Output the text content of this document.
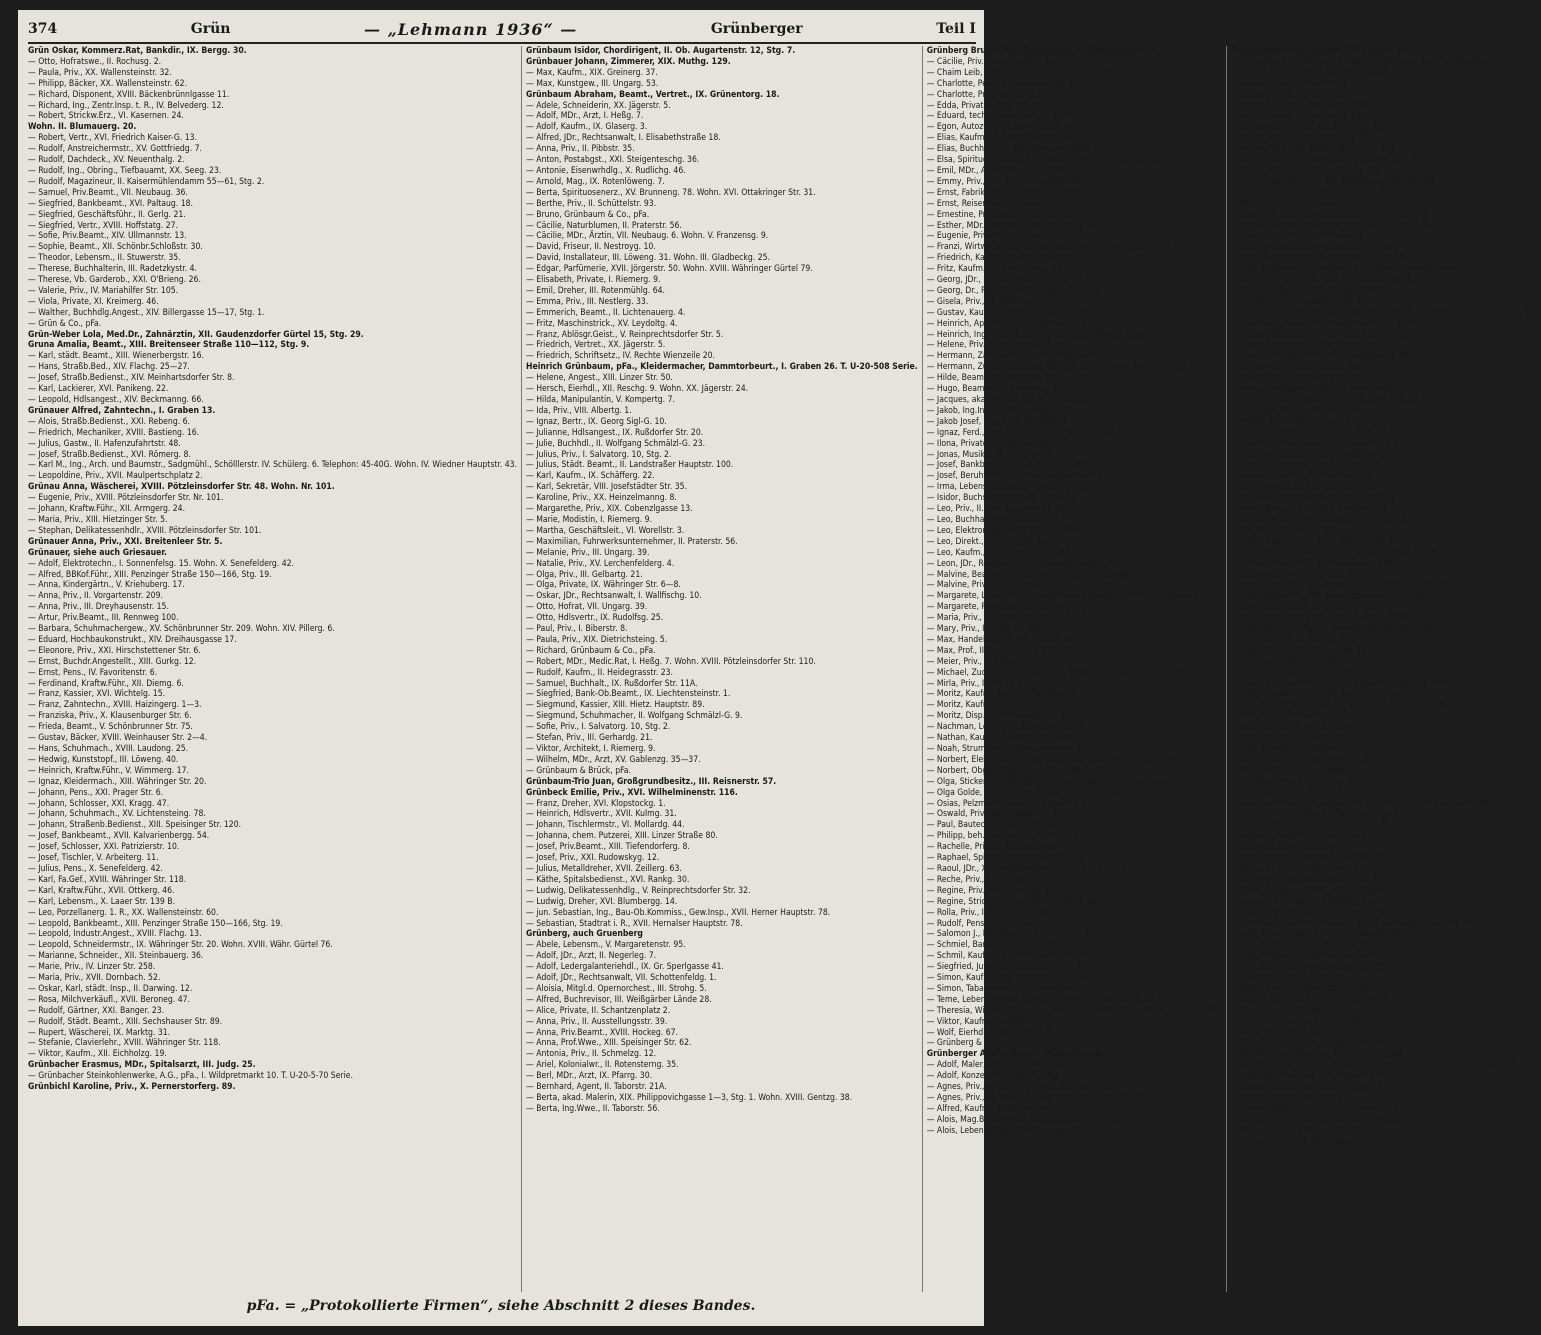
374	Grün	— „Lehmann 1936“ —	Grünberger	Teil I
Grün Oskar, Kommerz.Rat, Bankdir., IX. Bergg. 30.
— Otto, Hofratswe., II. Rochusg. 2.
— Paula, Priv., XX. Wallensteinstr. 32.
— Philipp, Bäcker, XX. Wallensteinstr. 62.
— Richard, Disponent, XVIII. Bäckenbrünnlgasse 11.
— Richard, Ing., Zentr.Insp. t. R., IV. Belvederg. 12.
— Robert, Strickw.Erz., VI. Kasernen. 24.
Wohn. II. Blumauerg. 20.
— Robert, Vertr., XVI. Friedrich Kaiser-G. 13.
— Rudolf, Anstreichermstr., XV. Gottfriedg. 7.
— Rudolf, Dachdeck., XV. Neuenthalg. 2.
— Rudolf, Ing., Obring., Tiefbauamt, XX. Seeg. 23.
— Rudolf, Magazineur, II. Kaisermühlendamm 55—61, Stg. 2.
— Samuel, Priv.Beamt., VII. Neubaug. 36.
— Siegfried, Bankbeamt., XVI. Paltaug. 18.
— Siegfried, Geschäftsführ., II. Gerlg. 21.
— Siegfried, Vertr., XVIII. Hoffstatg. 27.
— Sofie, Priv.Beamt., XIV. Ullmannstr. 13.
— Sophie, Beamt., XII. Schönbr.Schloßstr. 30.
— Theodor, Lebensm., II. Stuwerstr. 35.
— Therese, Buchhalterin, III. Radetzkystr. 4.
— Therese, Vb. Garderob., XXI. O'Brieng. 26.
— Valerie, Priv., IV. Mariahilfer Str. 105.
— Viola, Private, XI. Kreimerg. 46.
— Walther, Buchhdlg.Angest., XIV. Billergasse 15—17, Stg. 1.
— Grün & Co., pFa.
Grün-Weber Lola, Med.Dr., Zahnärztin, XII. Gaudenzdorfer Gürtel 15, Stg. 29.
Gruna Amalia, Beamt., XIII. Breitenseer Straße 110—112, Stg. 9.
— Karl, städt. Beamt., XIII. Wienerbergstr. 16.
— Hans, Straßb.Bed., XIV. Flachg. 25—27.
— Josef, Straßb.Bedienst., XIV. Meinhartsdorfer Str. 8.
— Karl, Lackierer, XVI. Panikeng. 22.
— Leopold, Hdlsangest., XIV. Beckmanng. 66.
Grünauer Alfred, Zahntechn., I. Graben 13.
— Alois, Straßb.Bedienst., XXI. Rebeng. 6.
— Friedrich, Mechaniker, XVIII. Bastieng. 16.
— Julius, Gastw., II. Hafenzufahrtstr. 48.
— Josef, Straßb.Bedienst., XVI. Römerg. 8.
— Karl M., Ing., Arch. und Baumstr., Sadgmühl., Schölllerstr. IV. Schülerg. 6. Telephon: 45-40G. Wohn. IV. Wiedner Hauptstr. 43.
— Leopoldine, Priv., XVII. Maulpertschplatz 2.
Grünau Anna, Wäscherei, XVIII. Pötzleinsdorfer Str. 48. Wohn. Nr. 101.
— Eugenie, Priv., XVIII. Pötzleinsdorfer Str. Nr. 101.
— Johann, Kraftw.Führ., XII. Armgerg. 24.
— Maria, Priv., XIII. Hietzinger Str. 5.
— Stephan, Delikatessenhdlr., XVIII. Pötzleinsdorfer Str. 101.
Grünauer Anna, Priv., XXI. Breitenleer Str. 5.
Grünauer, siehe auch Griesauer.
— Adolf, Elektrotechn., I. Sonnenfelsg. 15. Wohn. X. Senefelderg. 42.
— Alfred, BBKof.Führ., XIII. Penzinger Straße 150—166, Stg. 19.
— Anna, Kindergärtn., V. Kriehuberg. 17.
— Anna, Priv., II. Vorgartenstr. 209.
— Anna, Priv., III. Dreyhausenstr. 15.
— Artur, Priv.Beamt., III. Rennweg 100.
— Barbara, Schuhmachergew., XV. Schönbrunner Str. 209. Wohn. XIV. Pillerg. 6.
— Eduard, Hochbaukonstrukt., XIV. Dreihausgasse 17.
— Eleonore, Priv., XXI. Hirschstettener Str. 6.
— Ernst, Buchdr.Angestellt., XIII. Gurkg. 12.
— Ernst, Pens., IV. Favoritenstr. 6.
— Ferdinand, Kraftw.Führ., XII. Diemg. 6.
— Franz, Kassier, XVI. Wichtelg. 15.
— Franz, Zahntechn., XVIII. Haizingerg. 1—3.
— Franziska, Priv., X. Klausenburger Str. 6.
— Frieda, Beamt., V. Schönbrunner Str. 75.
— Gustav, Bäcker, XVIII. Weinhauser Str. 2—4.
— Hans, Schuhmach., XVIII. Laudong. 25.
— Hedwig, Kunststopf., III. Löweng. 40.
— Heinrich, Kraftw.Führ., V. Wimmerg. 17.
— Ignaz, Kleidermach., XIII. Währinger Str. 20.
— Johann, Pens., XXI. Prager Str. 6.
— Johann, Schlosser, XXI. Kragg. 47.
— Johann, Schuhmach., XV. Lichtensteing. 78.
— Johann, Straßenb.Bedienst., XIII. Speisinger Str. 120.
— Josef, Bankbeamt., XVII. Kalvarienbergg. 54.
— Josef, Schlosser, XXI. Patrizierstr. 10.
— Josef, Tischler, V. Arbeiterg. 11.
— Julius, Pens., X. Senefelderg. 42.
— Karl, Fa.Gef., XVIII. Währinger Str. 118.
— Karl, Kraftw.Führ., XVII. Ottkerg. 46.
— Karl, Lebensm., X. Laaer Str. 139 B.
— Leo, Porzellanerg. 1. R., XX. Wallensteinstr. 60.
— Leopold, Bankbeamt., XIII. Penzinger Straße 150—166, Stg. 19.
— Leopold, Industr.Angest., XVIII. Flachg. 13.
— Leopold, Schneidermstr., IX. Währinger Str. 20. Wohn. XVIII. Währ. Gürtel 76.
— Marianne, Schneider., XII. Steinbauerg. 36.
— Marie, Priv., IV. Linzer Str. 258.
— Maria, Priv., XVII. Dornbach. 52.
— Oskar, Karl, städt. Insp., II. Darwing. 12.
— Rosa, Milchverkäufl., XVII. Beroneg. 47.
— Rudolf, Gärtner, XXI. Banger. 23.
— Rudolf, Städt. Beamt., XIII. Sechshauser Str. 89.
— Rupert, Wäscherei, IX. Marktg. 31.
— Stefanie, Clavierlehr., XVIII. Währinger Str. 118.
— Viktor, Kaufm., XII. Eichholzg. 19.
Grünbacher Erasmus, MDr., Spitalsarzt, III. Judg. 25.
— Grünbacher Steinkohlenwerke, A.G., pFa., I. Wildpretmarkt 10. T. U-20-5-70 Serie.
Grünbichl Karoline, Priv., X. Pernerstorferg. 89.
Grünbaum Isidor, Chordirigent, II. Ob. Augartenstr. 12, Stg. 7.
Grünbauer Johann, Zimmerer, XIX. Muthg. 129.
— Max, Kaufm., XIX. Greinerg. 37.
— Max, Kunstgew., III. Ungarg. 53.
Grünbaum Abraham, Beamt., Vertret., IX. Grünentorg. 18.
— Adele, Schneiderin, XX. Jägerstr. 5.
— Adolf, MDr., Arzt, I. Heßg. 7.
— Adolf, Kaufm., IX. Glaserg. 3.
— Alfred, JDr., Rechtsanwalt, I. Elisabethstraße 18.
— Anna, Priv., II. Pibbstr. 35.
— Anton, Postabgst., XXI. Steigenteschg. 36.
— Antonie, Eisenwrhdlg., X. Rudlichg. 46.
— Arnold, Mag., IX. Rotenlöweng. 7.
— Berta, Spirituosenerz., XV. Brunneng. 78. Wohn. XVI. Ottakringer Str. 31.
— Berthe, Priv., II. Schüttelstr. 93.
— Bruno, Grünbaum & Co., pFa.
— Cäcilie, Naturblumen, II. Praterstr. 56.
— Cäcilie, MDr., Ärztin, VII. Neubaug. 6. Wohn. V. Franzensg. 9.
— David, Friseur, II. Nestroyg. 10.
— David, Installateur, III. Löweng. 31. Wohn. III. Gladbeckg. 25.
— Edgar, Parfümerie, XVII. Jörgerstr. 50. Wohn. XVIII. Währinger Gürtel 79.
— Elisabeth, Private, I. Riemerg. 9.
— Emil, Dreher, III. Rotenmühlg. 64.
— Emma, Priv., III. Nestlerg. 33.
— Emmerich, Beamt., II. Lichtenauerg. 4.
— Fritz, Maschinstrick., XV. Leydoltg. 4.
— Franz, Ablösgr.Geist., V. Reinprechtsdorfer Str. 5.
— Friedrich, Vertret., XX. Jägerstr. 5.
— Friedrich, Schriftsetz., IV. Rechte Wienzeile 20.
Heinrich Grünbaum, pFa., Kleidermacher, Dammtorbeurt., I. Graben 26. T. U-20-508 Serie.
— Helene, Angest., XIII. Linzer Str. 50.
— Hersch, Eierhdl., XII. Reschg. 9. Wohn. XX. Jägerstr. 24.
— Hilda, Manipulantin, V. Kompertg. 7.
— Ida, Priv., VIII. Albertg. 1.
— Ignaz, Bertr., IX. Georg Sigl-G. 10.
— Julianne, Hdlsangest., IX. Rußdorfer Str. 20.
— Julie, Buchhdl., II. Wolfgang Schmälzl-G. 23.
— Julius, Priv., I. Salvatorg. 10, Stg. 2.
— Julius, Städt. Beamt., II. Landstraßer Hauptstr. 100.
— Karl, Kaufm., IX. Schäfferg. 22.
— Karl, Sekretär, VIII. Josefstädter Str. 35.
— Karoline, Priv., XX. Heinzelmanng. 8.
— Margarethe, Priv., XIX. Cobenzlgasse 13.
— Marie, Modistin, I. Riemerg. 9.
— Martha, Geschäftsleit., VI. Worellstr. 3.
— Maximilian, Fuhrwerksunternehmer, II. Praterstr. 56.
— Melanie, Priv., III. Ungarg. 39.
— Natalie, Priv., XV. Lerchenfelderg. 4.
— Olga, Priv., III. Gelbartg. 21.
— Olga, Private, IX. Währinger Str. 6—8.
— Oskar, JDr., Rechtsanwalt, I. Wallfischg. 10.
— Otto, Hofrat, VII. Ungarg. 39.
— Otto, Hdlsvertr., IX. Rudolfsg. 25.
— Paul, Priv., I. Biberstr. 8.
— Paula, Priv., XIX. Dietrichsteing. 5.
— Richard, Grünbaum & Co., pFa.
— Robert, MDr., Medic.Rat, I. Heßg. 7. Wohn. XVIII. Pötzleinsdorfer Str. 110.
— Rudolf, Kaufm., II. Heidegrasstr. 23.
— Samuel, Buchhalt., IX. Rußdorfer Str. 11A.
— Siegfried, Bank-Ob.Beamt., IX. Liechtensteinstr. 1.
— Siegmund, Kassier, XIII. Hietz. Hauptstr. 89.
— Siegmund, Schuhmacher, II. Wolfgang Schmälzl-G. 9.
— Sofie, Priv., I. Salvatorg. 10, Stg. 2.
— Stefan, Priv., III. Gerhardg. 21.
— Viktor, Architekt, I. Riemerg. 9.
— Wilhelm, MDr., Arzt, XV. Gablenzg. 35—37.
— Grünbaum & Brück, pFa.
Grünbaum-Trio Juan, Großgrundbesitz., III. Reisnerstr. 57.
Grünbeck Emilie, Priv., XVI. Wilhelminenstr. 116.
— Franz, Dreher, XVI. Klopstockg. 1.
— Heinrich, Hdlsvertr., XVII. Kulmg. 31.
— Johann, Tischlermstr., VI. Mollardg. 44.
— Johanna, chem. Putzerei, XIII. Linzer Straße 80.
— Josef, Priv.Beamt., XIII. Tiefendorferg. 8.
— Josef, Priv., XXI. Rudowskyg. 12.
— Julius, Metalldreher, XVII. Zeillerg. 63.
— Käthe, Spitalsbedienst., XVI. Rankg. 30.
— Ludwig, Delikatessenhdlg., V. Reinprechtsdorfer Str. 32.
— Ludwig, Dreher, XVI. Blumbergg. 14.
— jun. Sebastian, Ing., Bau-Ob.Kommiss., Gew.Insp., XVII. Herner Hauptstr. 78.
— Sebastian, Stadtrat i. R., XVII. Hernalser Hauptstr. 78.
Grünberg, auch Gruenberg
— Abele, Lebensm., V. Margaretenstr. 95.
— Adolf, JDr., Arzt, II. Negerleg. 7.
— Adolf, Ledergalanteriehdl., IX. Gr. Sperlgasse 41.
— Adolf, JDr., Rechtsanwalt, VII. Schottenfeldg. 1.
— Aloisia, Mitgl.d. Opernorchest., III. Strohg. 5.
— Alfred, Buchrevisor, III. Weißgärber Lände 28.
— Alice, Private, II. Schantzenplatz 2.
— Anna, Priv., II. Ausstellungsstr. 39.
— Anna, Priv.Beamt., XVIII. Hockeg. 67.
— Anna, Prof.Wwe., XIII. Speisinger Str. 62.
— Antonia, Priv., II. Schmelzg. 12.
— Ariel, Kolonialwr., II. Rotensterng. 35.
— Berl, MDr., Arzt, IX. Pfarrg. 30.
— Bernhard, Agent, II. Taborstr. 21A.
— Berta, akad. Malerin, XIX. Philippovichgasse 1—3, Stg. 1. Wohn. XVIII. Gentzg. 38.
— Berta, Ing.Wwe., II. Taborstr. 56.
Grünberg Bruno, JDr., Rechtsanw., I. Rotenturmstr. 1.
— Cäcilie, Priv., IV. Heumühlg. 14.
— Chaim Leib, Kaffeemach., II. Schönlaterng. 3.
— Charlotte, Pens., II. Siebensterng. 29.
— Charlotte, Priv., V. Diehlg. 21.
— Edda, Private, XVIII. Schulg. 32.
— Eduard, techn. Bedarfsart., II. Pfarrg. 7.
— Egon, Autozubehör, III. Kleinerg. 4.
— Elias, Kaufm., X. Raaberbahng. 14.
— Elias, Buchhdl., XX. Brigittenauer Lände 16.
— Elsa, Spirituosenhdlg., I. Schulterg. 6. Wohn. III. Keinerg. 4.
— Emil, MDr., Arzt, II. Taborstr. 76A.
— Emmy, Priv., XIX. Grinzinger Allee 38.
— Ernst, Fabriksdir., XVIII. Edelhofg. 36.
— Ernst, Reisender, II. Praterstr. 48.
— Ernestine, Private, XVI. Hasnerstr. 32.
— Esther, MDr., Zahnärztin, VII. Lindeng. 3.
— Eugenie, Private, II. Fugbachg. 6.
— Franzi, Wirtwr., VI. Getreidemarkt 15. Wohn. IV. Franzensg. 9.
— Friedrich, Kaufm., XI. Wiesingerstr. 1.
— Fritz, Kaufm., IV. Blechturmg. 18.
— Georg, JDr., Ldgr.Rat, XVIII. Genzg. 38.
— Georg, Dr., Redakt., II. Schlöllerhofg. 7—9.
— Gisela, Priv., IX. Glaserg. 7.
— Gustav, Kaufm., II. Ausstellungsstr. 48.
— Heinrich, Apothek., V. Margaretenstr. 75.
— Heinrich, Ing., Beamt., III. Cumberlandstraße 52, Stg. 9.
— Helene, Priv., I. Gonzagag. 11.
— Hermann, Zahntechn., II. Unt. Augartenstr. 5.
— Hermann, Zuckerbäcker, IX. Rögerg. 18. Wohn. IX. Rußdorfer Str. 77.
— Hilde, Beamt., II. Gr. Pfarrg. 17.
— Hugo, Beamter, V. Franzensg. 9.
— Jacques, akad. Maler, XIX. Huttmanng. 102.
— Jakob, Ing.Insp., II. Sterneckplatz 13.
— Jakob Josef, Ing., Priv., IX. Glaserg. 9.
— Ignaz, Ferd., Arzt, Chefadmin., II. Schwarzeng. 6.
— Ilona, Private, II. Rembrandtstr. 33.
— Jonas, Musiker, II. Schreig. 12.
— Josef, Bankbeamt., XII. Rueffsteing. 46.
— Josef, Beruhftlehr., II. Untere Augartenstr. 5.
— Irma, Lebensmittelhdlg., II. Hörneg. 23.
— Isidor, Buchsachverst., IX. Hörlg. 11.
— Leo, Priv., II. Unt. Augartenstr. 25.
— Leo, Buchhalter, IX. Alserstr. 12.
— Leo, Elektromaterial, II. Taborstr. 76A.
— Leo, Direkt., I. Gonzagag. 11.
— Leo, Kaufm., XVIII. Karl Beck-G. 41.
— Leon, JDr., Rechtsanw., I. Schwarzenbergstr. 8.
— Malvine, Beamt., XVI. Neulerchenfelder Straße 69.
— Malvine, Priv., VI. Köstlerg. 1.
— Margarete, Lebensm., V. Siebenbrunnengasse 42. Wohn. II. Molkereistr. 3.
— Margarete, Priv., XIX. Pfarrwieseng. 11.
— Maria, Priv., XII. Unt.Meidl.Hauptstr. 72.
— Mary, Priv., II. Taborstr. 76A, Stg. 2.
— Max, Handelsagent, XX. Denisg. 9.
— Max, Prof., II. Schöllerhofg. 10—12.
— Meier, Priv., II. Karmeliterg. 7.
— Michael, Zuckerbäck., IX. Rögerg. 18. Wohn. IX. Grünentorg. 19.
— Mirla, Priv., II. Haidg. 1.
— Moritz, Kaufm., XVIII. Hoffstattg. 23.
— Moritz, Kaufm., II. Glockeng. 1.
— Moritz, Disp., IX. Währinger Str. 25.
— Nachman, Lebensm., XII. Am Werd 11.
— Nathan, Kaufm., II. Gabelsbergerg. 3.
— Noah, Strumpfwr., V. Margaretenstr. 82.
— Norbert, Elektromaterialgroßhdlg., XIX. Gregor Mendel-Str. 44.
— Norbert, Obgemälde, II. Schöllerhofg. 7—9.
— Olga, Stickerei, IV. Margaretenstr. 47. Wohn. IV. Gr. Neug. 44.
— Olga Golde, Beamtenwe., IX. Sechsschimmelg. 1.
— Osias, Pelzmodenhaus, II. Leopoldsg. 22.
— Oswald, Priv., III. Radetzkystr. 12.
— Paul, Bautechn., I. Spiegelg. 2.
— Philipp, beh. Zahntechn., III. Hegg. 34.
— Rachelle, Priv., II. Praterstr. 48.
— Raphael, Spielwarbrt., IX. Glaserg. 10.
— Raoul, JDr., XII. Gaudenzdorfer Gürtel 15, Stg. 29.
— Reche, Priv., I. Judeng. 3.
— Regine, Priv., XX. Bauerleg. 21.
— Regine, Strickwr., III. Landstr.Hauptstr. 107.
— Rolla, Priv., I. Hoher Markt 8.
— Rudolf, Pens., II. Schüttelstr. 57.
— Salomon J., Hausier., XX. Rauscherstr. 7.
— Schmiel, Bankbeamt., XX. Kluckyg. 4.
— Schmil, Kaufm., II. Rembrandtstraße 33.
— Siegfried, Juwelier, II. Ob. Donaustr. 107.
— Simon, Kaufm., XIX. Sprillenbergerg. 22.
— Simon, Tabakverschl., VIII. Lercheng. 10.
— Teme, Lebensm., XIX. Hardtg. 34. Wohn. XIX. Hardtg. 33.
— Theresia, Wirtwr., III. Landstr. Hauptstraße 16. Wohn. III. St. Johann-G. 16.
— Viktor, Kaufm., IV. Mühlg. 56.
— Wolf, Eierhdl., II. Leopoldsg. 5.
— Grünberg & Co., pFa.
Grünberger Adele, Modes, III. Ungarg. 9.
— Adolf, Maler, VII. Schottenfeldg. 46.
— Adolf, Konzertmstr., XIII. Fünfhg. 2.
— Agnes, Priv., X. Quellenstr. 24B, Stg. 18.
— Agnes, Priv., IX. Lazarettg. 12. Wohn. IX. Porzellang. 5.
— Alfred, Kaufm., V. Bacherplatz 5.
— Alois, Mag.Beamt., XXI. An d. unt. alten Donau 61A.
— Alois, Lebensmittel, XIX. Sommerg. 2.
Grünberger Alois, Pfleger, XX. Lenstr. 19.
— Alois, JDr., Rechtsanw., I. Frenzing 7. Wohn. IX. Peter Jordan-Str. 47.
— Aloisia, Schneider., X. Rarmarschg. 70.
— Amalie, Priv., IX. Patzfeldstr. 3.
— Anna, Gastw., VII. Halbg. 22.
— Anna, Priv., XVIII. Gymnasiumstr. 24A.
— Anna, Private, X. Gudrunstr. 105.
— Anna, Schneiderin, XIII. Eberingg. 13.
— Anton, Magazineur, II. Kleistg. 28.
— Anton, Pens., XX. Robert Blum-G. 3, Stg. 4.
— Anton, Schlosser, XI. Herbortg. 22—24, Stg. 13.
— Anton, Maurer, II. Große Schiffg. 26.
— August, Bankbeamt., XIII. Hütteldorfer Straße 283.
— August, Musikr, XIII. Hagenmüllerg. 25.
— Bertha, Priv., XVII. Kreuzg. 35.
— Christine, Hundeportuast., XVI. Lindauergasse 2.
— Edgar, Bücherrevisor, XIV. Sechshauser Gürtel 9.
— Eduard, Bäcker, XI. Rinnböckstr. 70.
— Eduard, Kal.Sekr., IX. Währinger Gürtel 8.
— Eduard, MDr., Arzt, IX. Liechtensteinstr. 56.
— Else, Lebensm., II. Stuwerstr. 14. Wohn. II. Arnezhoferstr. 7.
— Emil, Ablösgangest., XVII. Schottenfeldg. 64.
— Emil, Priv.Beamt., XXI. Prager Str. 88.
— Ernestine, Priv., II. Wolmutstr. 19.
— Felix, MDr., Arzt, XX. Brigittenauer Lände 46. Wohn. IX. Sechsschimmelg. 17.
— Ferdinand, Kasss., XII. Hetzendorfer Str. 104A.
— Franz, BBAdvert., XV. Gebrüder Lang-G. 16.
— Franz, Bahnbeamt., XIV. Pfenningg. 10.
— Franz, Drechslermstr., XIV. Schweglerstr. 19.
— Franz, Hilfsarb., XV. Zinkeg. 36.
— Franz, Mechaniker, XX. Jannstr. 1.
— Franz, Postbeamt., XVIII. Gymnasiumstr. 26.
— Franz, Schlosser, XI. Schanzung. 2—6, Stg. 13.
— Franziska, Köchin, XX. Lausg. 4.
— Frieda, Buchbdst.Einleg., XII. Fochg. 22.
— Friederike, Bankbeamt., XVIII. Staudg. 68.
— Friedrich, Fleischhau., XIV. Strandbildg. 16.
— Alpern Fliegfeld, Hankstr 60 Wohn. II.
— Friedrich, Bahnfst., XVIII. Savoyenstr. 3.
— Gustav, Juwelier, IV. Heumühlg. 6.
— Gustav, Priv., IX. Schlierhüsg. 5.
— Gustav, Kürschner, IX. Sechsschimmelg. 17.
— Hans, Bittual., XIX. Döbl. Hauptstr. 78.
— Hermann, Buchdruck., XII. Pappenheimg. 3.
— Ida, Priv., XII. Fenzig. 19.
— Jakob, Kleidermstr., XVIII. Dornerplatz 13.
— Ignaz, Branntweinverschl., I. Seilerstätte 17. Wohn. Nr. 10.
— Johann, Kaufgehilf., X. Favoritenstr. 264.
— Jonas, Pens., VI. Feldergstr. 17.
— Josef, MDr., Arzt, VIII. Josefstädter Straße 81—83, Stg. 1.
— Josef, BBBeamt., XXI. Kaiser-Ebersdorfer Str. 307.
— Josef, Fleischhau., X. Schleierg. 11.
— Josef, Lebensm., I. Biberstr. 10. Wohn. Nr. 9.
— Josef, Mil.Gan.Offiz., III. Landstr. Hauptstraße 146.
— Josef, Maurer, III. Trubelg. 10.
— Josef, Kaufm., VIII. Piaristeng. 14.
— Julie, Pens., XVIII. Camillianerg. 2.
— Julie, Portiere, X. Fernkorng. 99.
— Julius, Schmiedemstr., II. Unt Augartenstraße 31. Wohn. Nr. 32.
— Karl, Gew.Bau-Ing., V. Ob. Amtshausg. 42.
— Karl, Gastw., VII. Burgg. 89. Wohn. VII. Schottenfeldg. 66.
— Karl, Priv., XIII. Hollerg. 17.
— Karl, Schneider, XVI. Sabelg. 9.
— Karl, Schmiede, XIV. Lorizianerg. 1.
— Karl, Schmied, IX. Kalterg. 77.
— Karl, Schmiede, XIV. Hoffstattg. 12.
— Karoline, Priv., X. Landgutg. 5.
— Karoline, Priv., XII. Koringg. 1.
— Leo, Uhrmacher., XX. Othbergg. 26.
— Leo, Konfektion, XX. Leopoldstr. 78. Wohn. IV. Wiedner Gürtel 44.
— Leopold, Angestellt., IV. Fleischmanng. 9.
— Leopold, Bäcker, I. Rubelingang. 1—3.
— Leopold, Konditor, XV. Gr. Paterg. 9.
— Lili, Priv., XVIII. Edelhofg. 7.
— Ludwig, Kaufm., XIII. Neumanerg. 37.
— Maria, Priv., IV. Schleifmühlg. 6.
— Marie, Priv., II. Ob. Weißgerberstr. 14.
— Marie, Steuermsdl.Wt., XXI. Sollingerg. 3.
— Martina, Borrickt., X. Steudelg. 36.
— Martina, PhDr., Agentur, I. Herreng. 6.
— Matthias, Straßenb.Bedienst., XVI. Landstraßer Hauptstr. 72.
— Max, Vertret., XIX. Heiligenstädter Str. 165.
— Max, Priv.Angest., IX. Karolineng. 23.
— Max, Reisend., IX. Währinger Gürtel 10.
— Max, Speisewr., IX. Währinger Str. 25.
— Maximilian, Amtl.Rat, IV. Str. 9.
— Meier, Priv., II. Wolmutstr. 19—21.
— Moritz, Pens., III. Landstr. Hauptstr. 97.
— Otto, Pens., II. Mühlg. 1, Stg. 2.
— Otto, Tischler, XVI. Kreuzstr. 47.
— Paula, Pens., XVI. Kirchstetterg. 52.
— Rudolf, Bankbeamt., II. Sterneckplatz 8.
— Rudolf, Schneidermstr., XVII. Bergsteig 38.
— Samuel, Kürschner, VI. Mariahilfer Straße 105. Wohn. II. Rotensterng. 7.
— Siegfried, Buchhalt., XX. Pappenheimg. 8.
— Siegmund, Schuhmach., II. Judeng. 1.
— Simon, Priv., II. Praterstr. 11.
— Simon, Wohn.Offiz., I. R. XIII. Ebering. 21.
— Therese, Lebensm., XIV. Wimbergerg. 33.
— Therese, Priv., I. Seilerstätte 17.
— Viktor, MDr., Arzt, VIII. Zeltg. 6.
pFa. = „Protokollierte Firmen“, siehe Abschnitt 2 dieses Bandes.
